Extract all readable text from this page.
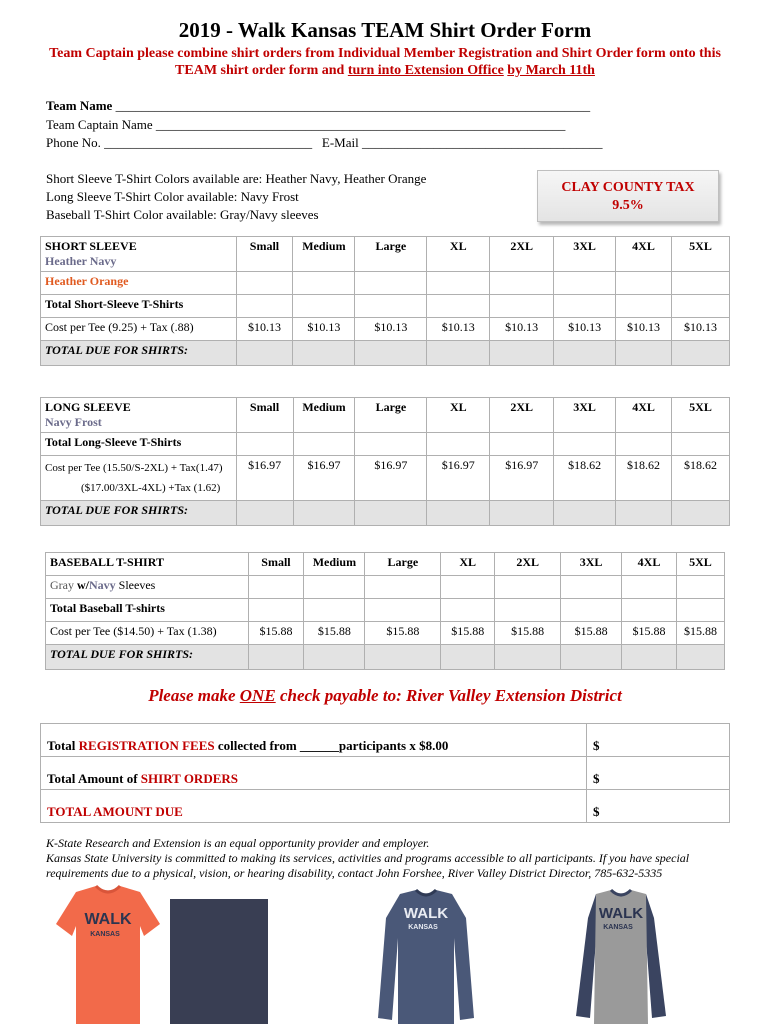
2019 - Walk Kansas TEAM Shirt Order Form
Team Captain please combine shirt orders from Individual Member Registration and Shirt Order form onto this TEAM shirt order form and turn into Extension Office by March 11th
Team Name _________________________________________________________________________
Team Captain Name _______________________________________________________________
Phone No. ________________________________ E-Mail _____________________________________
Short Sleeve T-Shirt Colors available are: Heather Navy, Heather Orange
Long Sleeve T-Shirt Color available: Navy Frost
Baseball T-Shirt Color available: Gray/Navy sleeves
CLAY COUNTY TAX
9.5%
SHORT SLEEVE
Heather Navy	Small	Medium	Large	XL	2XL	3XL	4XL	5XL
Heather Orange								
Total Short-Sleeve T-Shirts								
Cost per Tee (9.25) + Tax (.88)	$10.13	$10.13	$10.13	$10.13	$10.13	$10.13	$10.13	$10.13
TOTAL DUE FOR SHIRTS:								
LONG SLEEVE
Navy Frost	Small	Medium	Large	XL	2XL	3XL	4XL	5XL
Total Long-Sleeve T-Shirts								
Cost per Tee (15.50/S-2XL) + Tax(1.47)
($17.00/3XL-4XL) +Tax (1.62)	$16.97	$16.97	$16.97	$16.97	$16.97	$18.62	$18.62	$18.62
TOTAL DUE FOR SHIRTS:								
BASEBALL T-SHIRT	Small	Medium	Large	XL	2XL	3XL	4XL	5XL
Gray w/Navy Sleeves								
Total Baseball T-shirts								
Cost per Tee ($14.50) + Tax (1.38)	$15.88	$15.88	$15.88	$15.88	$15.88	$15.88	$15.88	$15.88
TOTAL DUE FOR SHIRTS:								
Please make ONE check payable to: River Valley Extension District
Total REGISTRATION FEES collected from ______participants x $8.00	$
Total Amount of SHIRT ORDERS	$
TOTAL AMOUNT DUE	$
K-State Research and Extension is an equal opportunity provider and employer.
Kansas State University is committed to making its services, activities and programs accessible to all participants. If you have special
requirements due to a physical, vision, or hearing disability, contact John Forshee, River Valley District Director, 785-632-5335
WALK
KANSAS
WALK
KANSAS
WALK
KANSAS
